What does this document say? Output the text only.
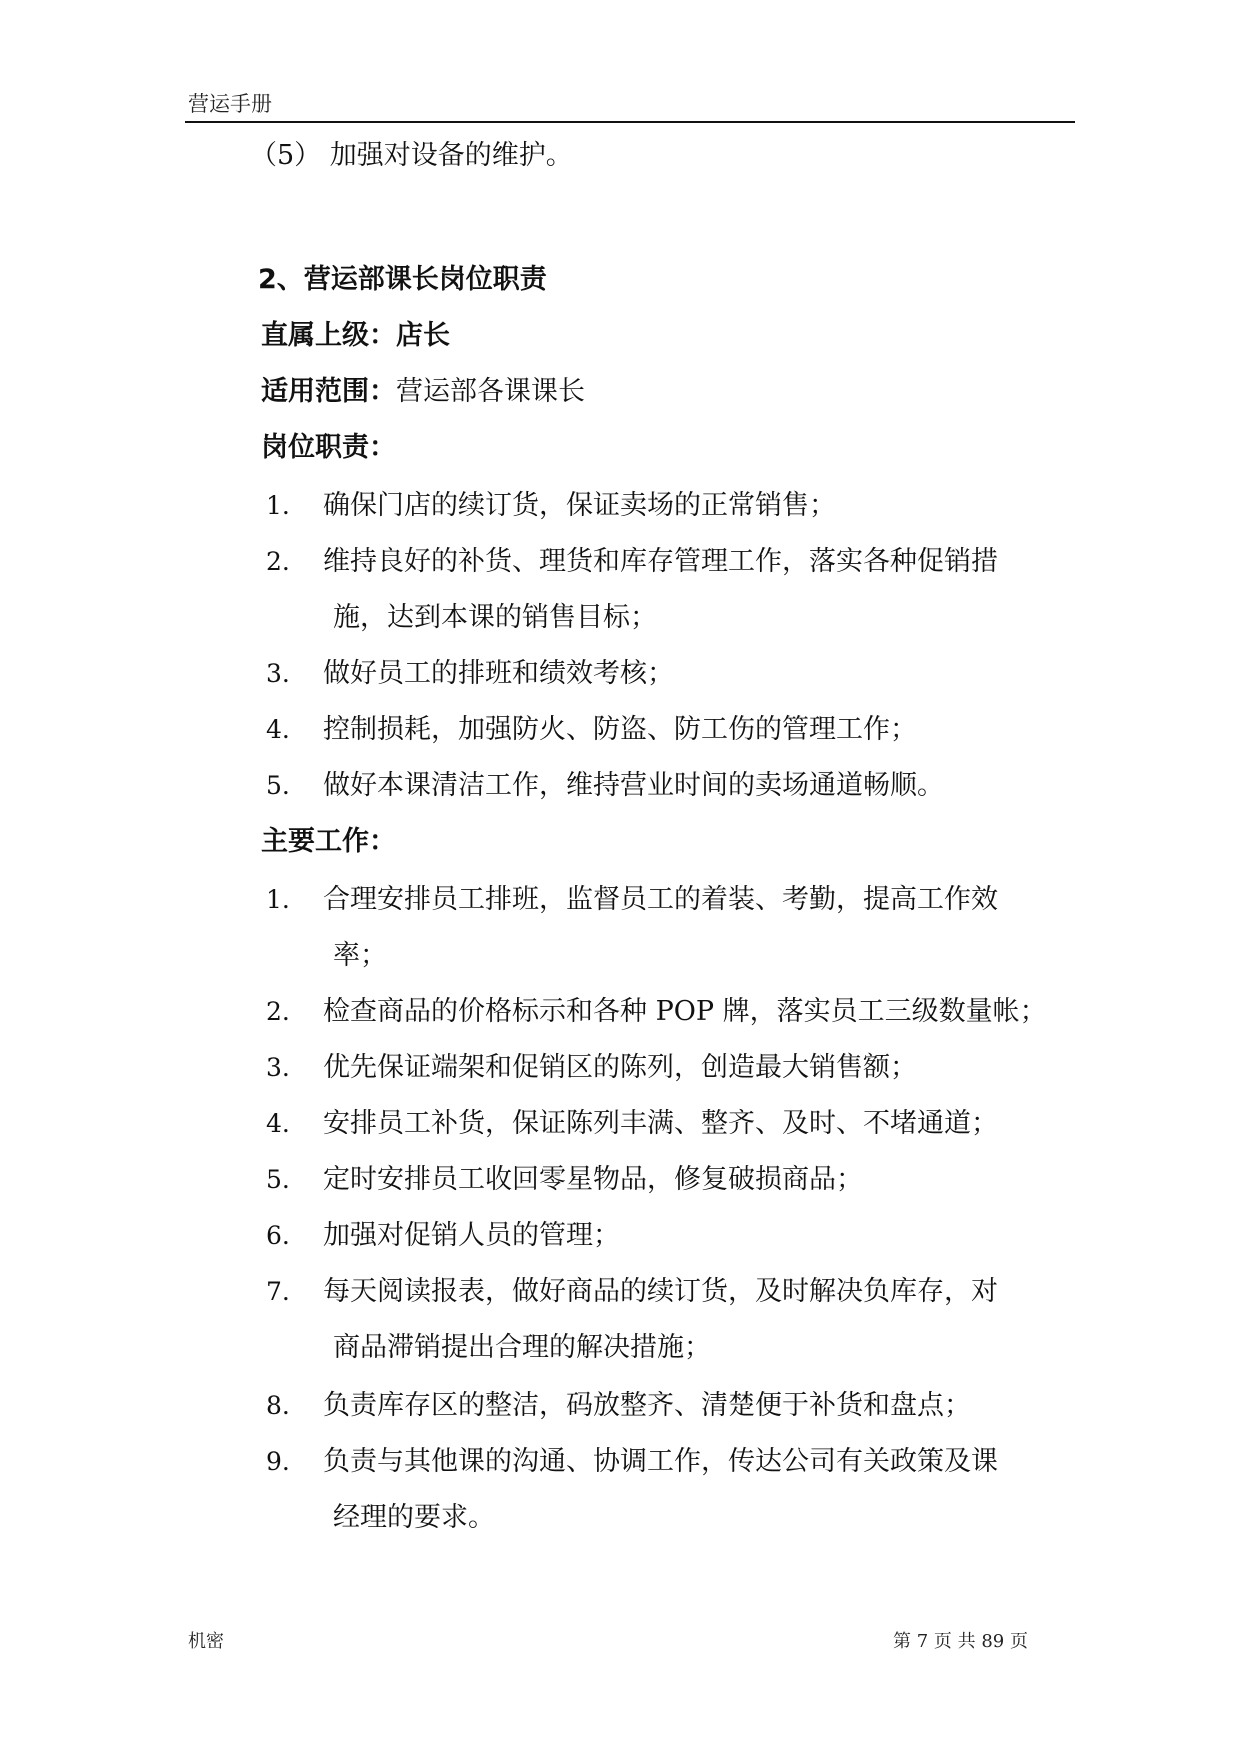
营运手册
（5） 加强对设备的维护。
2、营运部课长岗位职责
直属上级：店长
适用范围：营运部各课课长
岗位职责：
1. 确保门店的续订货，保证卖场的正常销售；
2. 维持良好的补货、理货和库存管理工作，落实各种促销措
施，达到本课的销售目标；
3. 做好员工的排班和绩效考核；
4. 控制损耗，加强防火、防盗、防工伤的管理工作；
5. 做好本课清洁工作，维持营业时间的卖场通道畅顺。
主要工作：
1. 合理安排员工排班，监督员工的着装、考勤，提高工作效
率；
2. 检查商品的价格标示和各种 POP 牌，落实员工三级数量帐；
3. 优先保证端架和促销区的陈列，创造最大销售额；
4. 安排员工补货，保证陈列丰满、整齐、及时、不堵通道；
5. 定时安排员工收回零星物品，修复破损商品；
6. 加强对促销人员的管理；
7. 每天阅读报表，做好商品的续订货，及时解决负库存，对
商品滞销提出合理的解决措施；
8. 负责库存区的整洁，码放整齐、清楚便于补货和盘点；
9. 负责与其他课的沟通、协调工作，传达公司有关政策及课
经理的要求。
机密	第 7 页 共 89 页
